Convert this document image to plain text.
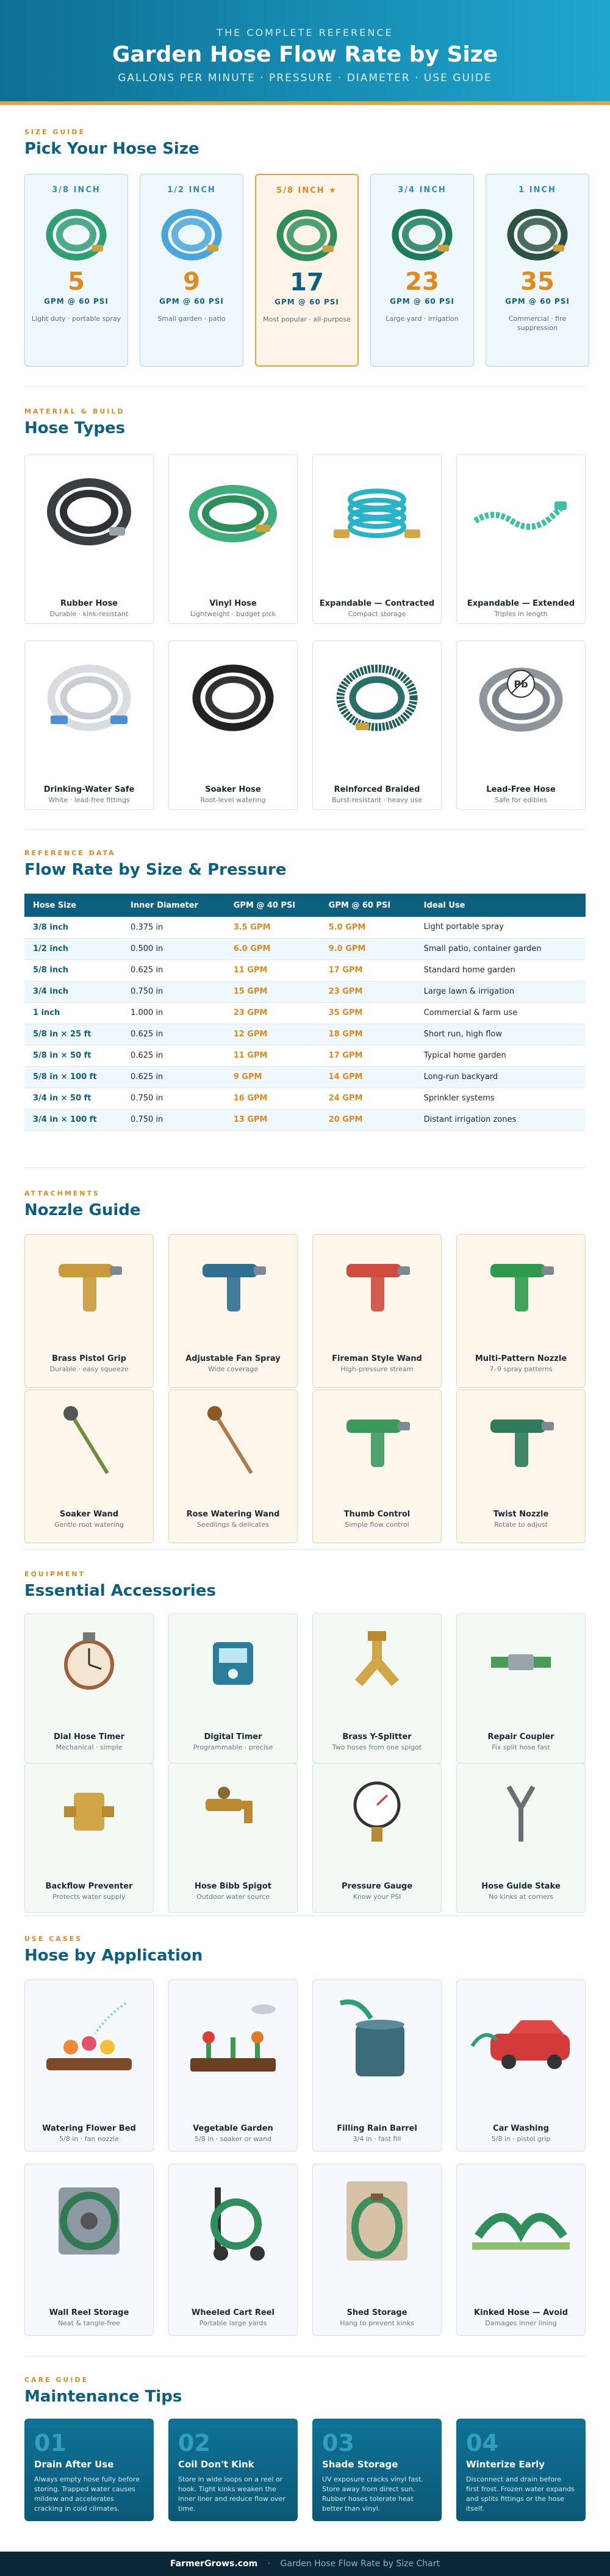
THE COMPLETE REFERENCE
Garden Hose Flow Rate by Size
GALLONS PER MINUTE · PRESSURE · DIAMETER · USE GUIDE
SIZE GUIDE
Pick Your Hose Size
3/8 INCH
5
GPM @ 60 PSI
Light duty · portable spray
1/2 INCH
9
GPM @ 60 PSI
Small garden · patio
5/8 INCH ★
17
GPM @ 60 PSI
Most popular · all-purpose
3/4 INCH
23
GPM @ 60 PSI
Large yard · irrigation
1 INCH
35
GPM @ 60 PSI
Commercial · fire suppression
MATERIAL & BUILD
Hose Types
Rubber Hose
Durable · kink-resistant
Vinyl Hose
Lightweight · budget pick
Expandable — Contracted
Compact storage
Expandable — Extended
Triples in length
Drinking-Water Safe
White · lead-free fittings
Soaker Hose
Root-level watering
Reinforced Braided
Burst-resistant · heavy use
Pb
Lead-Free Hose
Safe for edibles
REFERENCE DATA
Flow Rate by Size & Pressure
Hose Size	Inner Diameter	GPM @ 40 PSI	GPM @ 60 PSI	Ideal Use
3/8 inch	0.375 in	3.5 GPM	5.0 GPM	Light portable spray
1/2 inch	0.500 in	6.0 GPM	9.0 GPM	Small patio, container garden
5/8 inch	0.625 in	11 GPM	17 GPM	Standard home garden
3/4 inch	0.750 in	15 GPM	23 GPM	Large lawn & irrigation
1 inch	1.000 in	23 GPM	35 GPM	Commercial & farm use
5/8 in × 25 ft	0.625 in	12 GPM	18 GPM	Short run, high flow
5/8 in × 50 ft	0.625 in	11 GPM	17 GPM	Typical home garden
5/8 in × 100 ft	0.625 in	9 GPM	14 GPM	Long-run backyard
3/4 in × 50 ft	0.750 in	16 GPM	24 GPM	Sprinkler systems
3/4 in × 100 ft	0.750 in	13 GPM	20 GPM	Distant irrigation zones
ATTACHMENTS
Nozzle Guide
Brass Pistol Grip
Durable · easy squeeze
Adjustable Fan Spray
Wide coverage
Fireman Style Wand
High-pressure stream
Multi-Pattern Nozzle
7–9 spray patterns
Soaker Wand
Gentle root watering
Rose Watering Wand
Seedlings & delicates
Thumb Control
Simple flow control
Twist Nozzle
Rotate to adjust
EQUIPMENT
Essential Accessories
Dial Hose Timer
Mechanical · simple
Digital Timer
Programmable · precise
Brass Y-Splitter
Two hoses from one spigot
Repair Coupler
Fix split hose fast
Backflow Preventer
Protects water supply
Hose Bibb Spigot
Outdoor water source
Pressure Gauge
Know your PSI
Hose Guide Stake
No kinks at corners
USE CASES
Hose by Application
Watering Flower Bed
5/8 in · fan nozzle
Vegetable Garden
5/8 in · soaker or wand
Filling Rain Barrel
3/4 in · fast fill
Car Washing
5/8 in · pistol grip
Wall Reel Storage
Neat & tangle-free
Wheeled Cart Reel
Portable large yards
Shed Storage
Hang to prevent kinks
Kinked Hose — Avoid
Damages inner lining
CARE GUIDE
Maintenance Tips
01
Drain After Use
Always empty hose fully before storing. Trapped water causes mildew and accelerates cracking in cold climates.
02
Coil Don't Kink
Store in wide loops on a reel or hook. Tight kinks weaken the inner liner and reduce flow over time.
03
Shade Storage
UV exposure cracks vinyl fast. Store away from direct sun. Rubber hoses tolerate heat better than vinyl.
04
Winterize Early
Disconnect and drain before first frost. Frozen water expands and splits fittings or the hose itself.
FarmerGrows.com · Garden Hose Flow Rate by Size Chart
